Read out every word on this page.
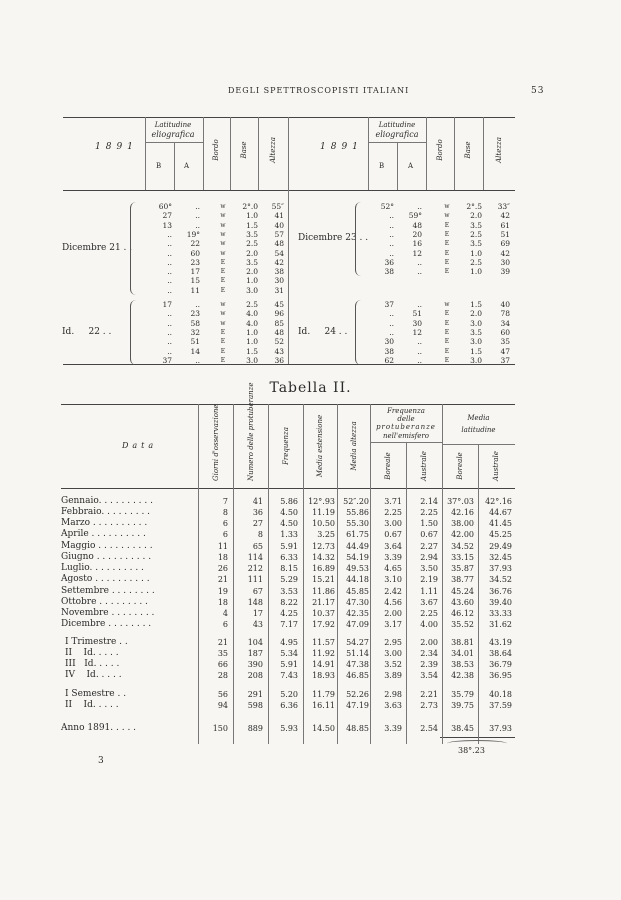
DEGLI SPETTROSCOPISTI ITALIANI	53
1891
Latitudine
eliografica
B	A
Bordo	Base	Altezza	1891
Latitudine
eliografica
B	A
Bordo	Base	Altezza
Dicembre 21 . .
60°	..	w	2°.0	55″
27	..	w	1.0	41
13	..	w	1.5	40
..	19°	w	3.5	57
..	22	w	2.5	48
..	60	w	2.0	54
..	23	E	3.5	42
..	17	E	2.0	38
..	15	E	1.0	30
..	11	E	3.0	31
Id.     22 . .
17	..	w	2.5	45
..	23	w	4.0	96
..	58	w	4.0	85
..	32	E	1.0	48
..	51	E	1.0	52
..	14	E	1.5	43
37	..	E	3.0	36
Dicembre 23 . .
52°	..	w	2°.5	33″
..	59°	w	2.0	42
..	48	E	3.5	61
..	20	E	2.5	51
..	16	E	3.5	69
..	12	E	1.0	42
36	..	E	2.5	30
38	..	E	1.0	39
Id.     24 . .
37	..	w	1.5	40
..	51	E	2.0	78
..	30	E	3.0	34
..	12	E	3.5	60
30	..	E	3.0	35
38	..	E	1.5	47
62	..	E	3.0	37
Tabella II.
Data	Giorni d'osservazione	Numero delle protuberanze	Frequenza	Media estensione	Media altezza
Frequenza
delle
protuberanze
nell'emisfero
Media
latitudine
Boreale	Australe	Boreale	Australe
Gennaio. . . . . . . . . .	7	41	5.86	12°.93	52″.20	3.71	2.14	37°.03	42°.16
Febbraio. . . . . . . . .	8	36	4.50	11.19	55.86	2.25	2.25	42.16	44.67
Marzo . . . . . . . . . .	6	27	4.50	10.50	55.30	3.00	1.50	38.00	41.45
Aprile . . . . . . . . . .	6	8	1.33	3.25	61.75	0.67	0.67	42.00	45.25
Maggio . . . . . . . . . .	11	65	5.91	12.73	44.49	3.64	2.27	34.52	29.49
Giugno . . . . . . . . . .	18	114	6.33	14.32	54.19	3.39	2.94	33.15	32.45
Luglio. . . . . . . . . .	26	212	8.15	16.89	49.53	4.65	3.50	35.87	37.93
Agosto . . . . . . . . . .	21	111	5.29	15.21	44.18	3.10	2.19	38.77	34.52
Settembre . . . . . . . .	19	67	3.53	11.86	45.85	2.42	1.11	45.24	36.76
Ottobre . . . . . . . . .	18	148	8.22	21.17	47.30	4.56	3.67	43.60	39.40
Novembre . . . . . . . .	4	17	4.25	10.37	42.35	2.00	2.25	46.12	33.33
Dicembre . . . . . . . .	6	43	7.17	17.92	47.09	3.17	4.00	35.52	31.62
I Trimestre . .	21	104	4.95	11.57	54.27	2.95	2.00	38.81	43.19
II    Id. . . . .	35	187	5.34	11.92	51.14	3.00	2.34	34.01	38.64
III   Id. . . . .	66	390	5.91	14.91	47.38	3.52	2.39	38.53	36.79
IV    Id. . . . .	28	208	7.43	18.93	46.85	3.89	3.54	42.38	36.95
I Semestre . .	56	291	5.20	11.79	52.26	2.98	2.21	35.79	40.18
II    Id. . . . .	94	598	6.36	16.11	47.19	3.63	2.73	39.75	37.59
Anno 1891. . . . .	150	889	5.93	14.50	48.85	3.39	2.54	38.45	37.93
38°.23
3
